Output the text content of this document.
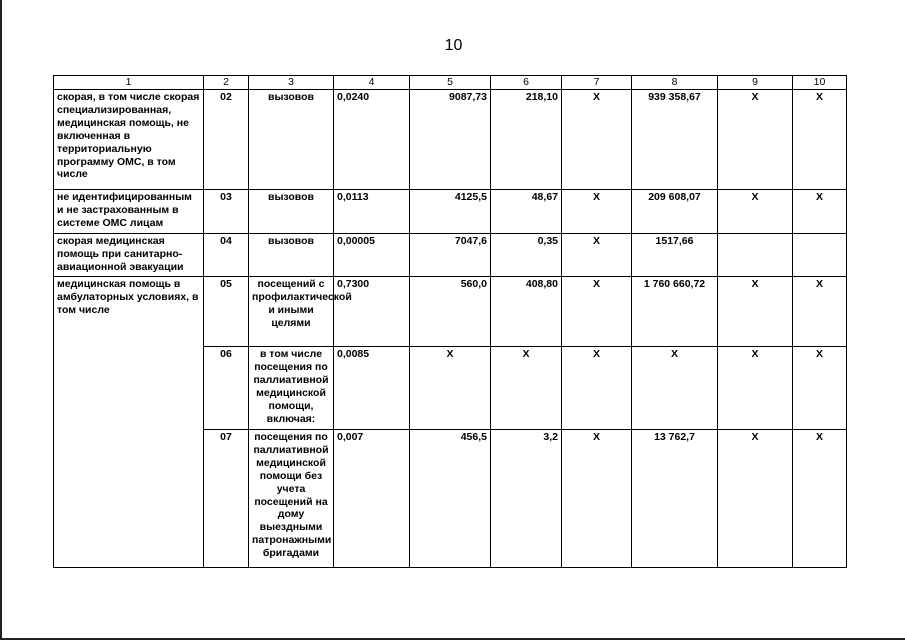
10
1	2	3	4	5	6	7	8	9	10
скорая, в том числе скорая специализированная, медицинская помощь, не включенная в территориальную программу ОМС, в том числе	02	вызовов	0,0240	9087,73	218,10	X	939 358,67	X	X
не идентифицированным и не застрахованным в системе ОМС лицам	03	вызовов	0,0113	4125,5	48,67	X	209 608,07	X	X
скорая медицинская помощь при санитарно-авиационной эвакуации	04	вызовов	0,00005	7047,6	0,35	X	1517,66		
медицинская помощь в амбулаторных условиях, в том числе	05	посещений с профилактической и иными целями	0,7300	560,0	408,80	X	1 760 660,72	X	X
	06	в том числе посещения по паллиативной медицинской помощи, включая:	0,0085	X	X	X	X	X	X
	07	посещения по паллиативной медицинской помощи без учета посещений на дому выездными патронажными бригадами	0,007	456,5	3,2	X	13 762,7	X	X
